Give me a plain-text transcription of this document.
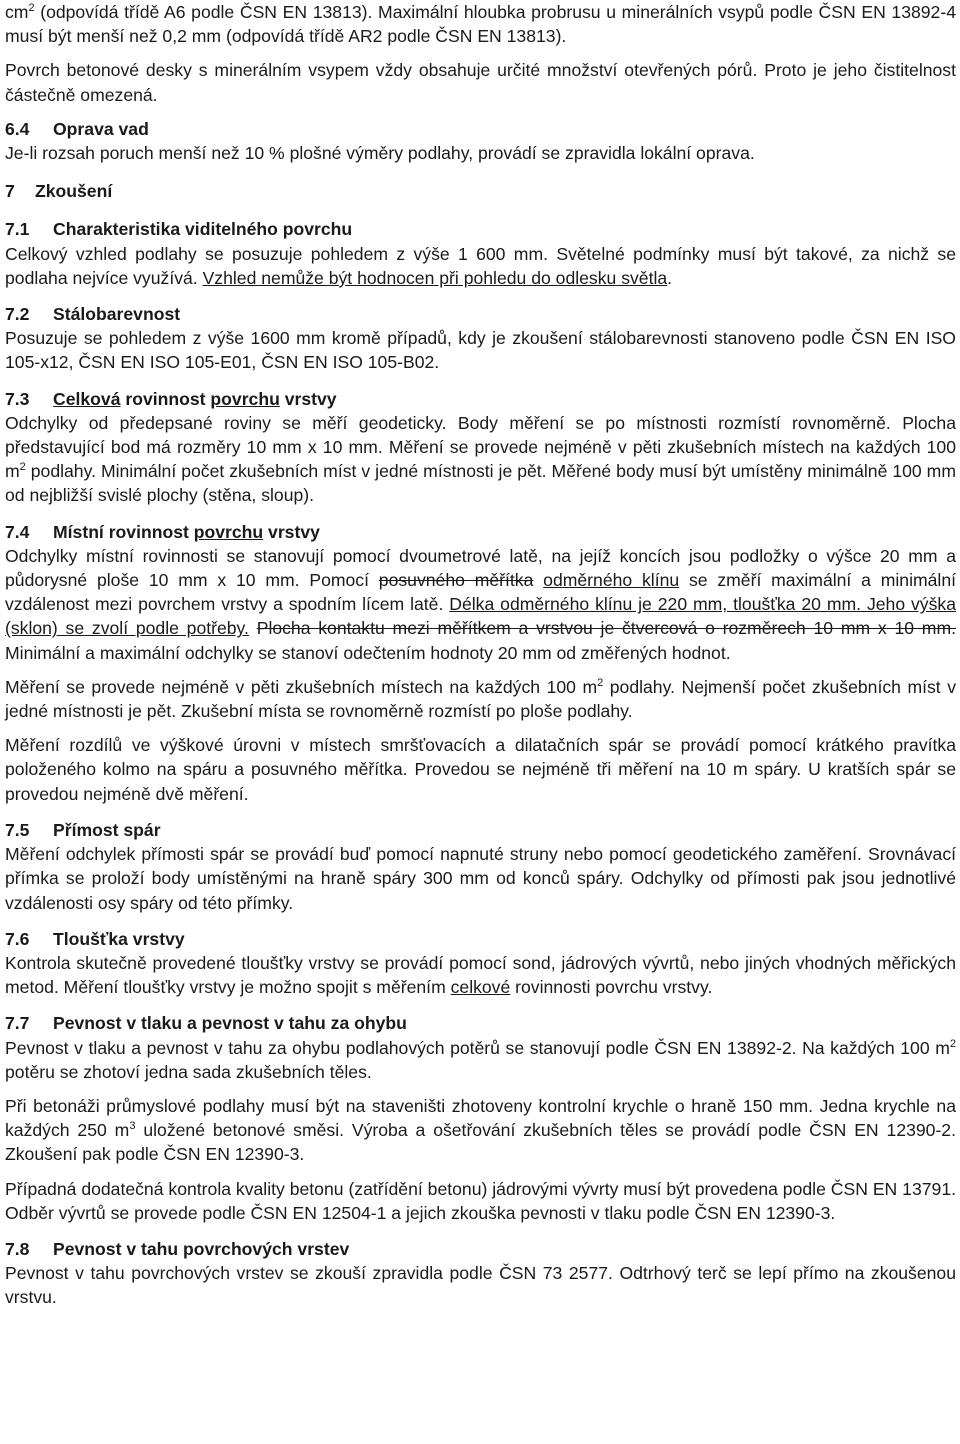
$cm^2$ (odpovídá třídě A6 podle ČSN EN 13813). Maximální hloubka probrusu u minerálních vsypů podle ČSN EN 13892-4 musí být menší než 0,2 mm (odpovídá třídě AR2 podle ČSN EN 13813).

Povrch betonové desky s minerálním vsypem vždy obsahuje určité množství otevřených pórů. Proto je jeho čistitelnost částečně omezená.

6.4 Oprava vad

Je-li rozsah poruch menší než 10 % plošné výměry podlahy, provádí se zpravidla lokální oprava.

7 Zkoušení
7.1 Charakteristika viditelného povrchu

Celkový vzhled podlahy se posuzuje pohledem z výše 1 600 mm. Světelné podmínky musí být takové, za nichž se podlaha nejvíce využívá. Vzhled nemůže být hodnocen při pohledu do odlesku světla.

7.2 Stálobarevnost

Posuzuje se pohledem z výše 1600 mm kromě případů, kdy je zkoušení stálobarevnosti stanoveno podle ČSN EN ISO 105-x12, ČSN EN ISO 105-E01, ČSN EN ISO 105-B02.

7.3 Celková rovinnost povrchu vrstvy

Odchylky od předepsané roviny se měří geodeticky. Body měření se po místnosti rozmístí rovnoměrně. Plocha představující bod má rozměry 10 mm x 10 mm. Měření se provede nejméně v pěti zkušebních místech na každých 100 $m^2$ podlahy. Minimální počet zkušebních míst v jedné místnosti je pět. Měřené body musí být umístěny minimálně 100 mm od nejbližší svislé plochy (stěna, sloup).

7.4 Místní rovinnost povrchu vrstvy

Odchylky místní rovinnosti se stanovují pomocí dvoumetrové latě, na jejíž koncích jsou podložky o výšce 20 mm a půdorysné ploše 10 mm x 10 mm. Pomocí posuvného měřítka odměrného klínu se změří maximální a minimální vzdálenost mezi povrchem vrstvy a spodním lícem latě. Délka odměrného klínu je 220 mm, tloušťka 20 mm. Jeho výška (sklon) se zvolí podle potřeby. Plocha kontaktu mezi měřítkem a vrstvou je čtvercová o rozměrech 10 mm x 10 mm. Minimální a maximální odchylky se stanoví odečtením hodnoty 20 mm od změřených hodnot.

Měření se provede nejméně v pěti zkušebních místech na každých 100 $m^2$ podlahy. Nejmenší počet zkušebních míst v jedné místnosti je pět. Zkušební místa se rovnoměrně rozmístí po ploše podlahy.

Měření rozdílů ve výškové úrovni v místech smršťovacích a dilatačních spár se provádí pomocí krátkého pravítka položeného kolmo na spáru a posuvného měřítka. Provedou se nejméně tři měření na 10 m spáry. U kratších spár se provedou nejméně dvě měření.

7.5 Přímost spár

Měření odchylek přímosti spár se provádí buď pomocí napnuté struny nebo pomocí geodetického zaměření. Srovnávací přímka se proloží body umístěnými na hraně spáry 300 mm od konců spáry. Odchylky od přímosti pak jsou jednotlivé vzdálenosti osy spáry od této přímky.

7.6 Tloušťka vrstvy

Kontrola skutečně provedené tloušťky vrstvy se provádí pomocí sond, jádrových vývrtů, nebo jiných vhodných měřických metod. Měření tloušťky vrstvy je možno spojit s měřením celkové rovinnosti povrchu vrstvy.

7.7 Pevnost v tlaku a pevnost v tahu za ohybu

Pevnost v tlaku a pevnost v tahu za ohybu podlahových potěrů se stanovují podle ČSN EN 13892-2. Na každých 100 $m^2$ potěru se zhotoví jedna sada zkušebních těles.

Při betonáži průmyslové podlahy musí být na staveništi zhotoveny kontrolní krychle o hraně 150 mm. Jedna krychle na každých 250 $m^3$ uložené betonové směsi. Výroba a ošetřování zkušebních těles se provádí podle ČSN EN 12390-2. Zkoušení pak podle ČSN EN 12390-3.

Případná dodatečná kontrola kvality betonu (zatřídění betonu) jádrovými vývrty musí být provedena podle ČSN EN 13791. Odběr vývrtů se provede podle ČSN EN 12504-1 a jejich zkouška pevnosti v tlaku podle ČSN EN 12390-3.

7.8 Pevnost v tahu povrchových vrstev

Pevnost v tahu povrchových vrstev se zkouší zpravidla podle ČSN 73 2577. Odtrhový terč se lepí přímo na zkoušenou vrstvu.
